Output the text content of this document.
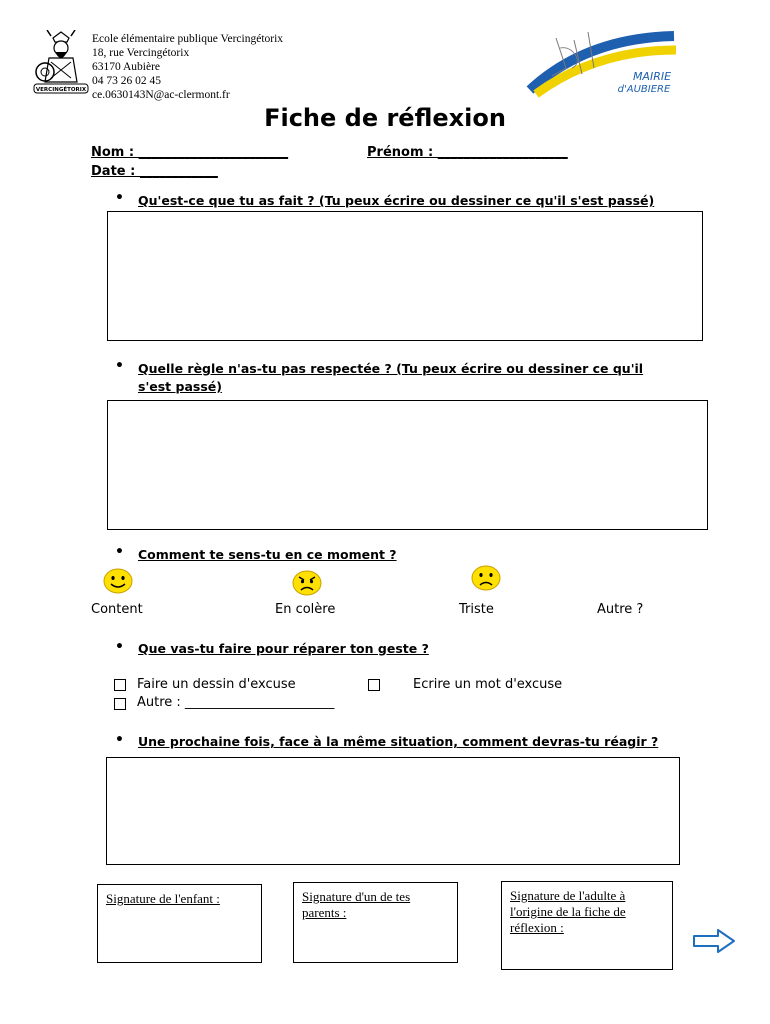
VERCINGÉTORIX
Ecole élémentaire publique Vercingétorix
18, rue Vercingétorix
63170 Aubière
04 73 26 02 45
ce.0630143N@ac-clermont.fr
MAIRIE
d'AUBIERE
Fiche de réflexion
Nom : _______________________	Prénom : ____________________
Date : ____________
• Qu'est-ce que tu as fait ? (Tu peux écrire ou dessiner ce qu'il s'est passé)
• Quelle règle n'as-tu pas respectée ? (Tu peux écrire ou dessiner ce qu'il
s'est passé)
• Comment te sens-tu en ce moment ?
Content	En colère	Triste	Autre ?
• Que vas-tu faire pour réparer ton geste ?
Faire un dessin d'excuse	Ecrire un mot d'excuse
Autre : _______________________
• Une prochaine fois, face à la même situation, comment devras-tu réagir ?
Signature de l'enfant :	Signature d'un de tes parents :
Signature de l'adulte à l'origine de la fiche de réflexion :
